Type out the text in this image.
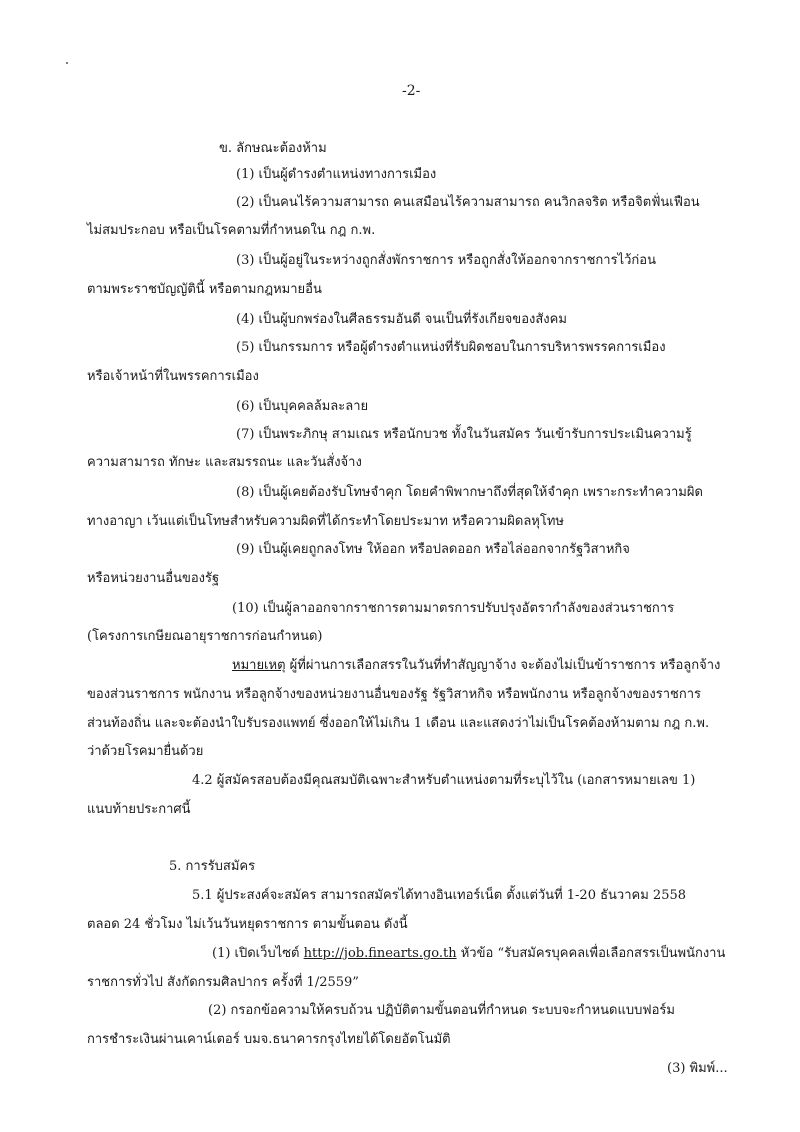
-2-
ข. ลักษณะต้องห้าม
(1) เป็นผู้ดำรงตำแหน่งทางการเมือง
(2) เป็นคนไร้ความสามารถ คนเสมือนไร้ความสามารถ คนวิกลจริต หรือจิตฟั่นเฟือน
ไม่สมประกอบ หรือเป็นโรคตามที่กำหนดใน กฎ ก.พ.
(3) เป็นผู้อยู่ในระหว่างถูกสั่งพักราชการ หรือถูกสั่งให้ออกจากราชการไว้ก่อน
ตามพระราชบัญญัตินี้ หรือตามกฎหมายอื่น
(4) เป็นผู้บกพร่องในศีลธรรมอันดี จนเป็นที่รังเกียจของสังคม
(5) เป็นกรรมการ หรือผู้ดำรงตำแหน่งที่รับผิดชอบในการบริหารพรรคการเมือง
หรือเจ้าหน้าที่ในพรรคการเมือง
(6) เป็นบุคคลล้มละลาย
(7) เป็นพระภิกษุ สามเณร หรือนักบวช ทั้งในวันสมัคร วันเข้ารับการประเมินความรู้
ความสามารถ ทักษะ และสมรรถนะ และวันสั่งจ้าง
(8) เป็นผู้เคยต้องรับโทษจำคุก โดยคำพิพากษาถึงที่สุดให้จำคุก เพราะกระทำความผิด
ทางอาญา เว้นแต่เป็นโทษสำหรับความผิดที่ได้กระทำโดยประมาท หรือความผิดลหุโทษ
(9) เป็นผู้เคยถูกลงโทษ ให้ออก หรือปลดออก หรือไล่ออกจากรัฐวิสาหกิจ
หรือหน่วยงานอื่นของรัฐ
(10) เป็นผู้ลาออกจากราชการตามมาตรการปรับปรุงอัตรากำลังของส่วนราชการ
(โครงการเกษียณอายุราชการก่อนกำหนด)
หมายเหตุ ผู้ที่ผ่านการเลือกสรรในวันที่ทำสัญญาจ้าง จะต้องไม่เป็นข้าราชการ หรือลูกจ้าง
ของส่วนราชการ พนักงาน หรือลูกจ้างของหน่วยงานอื่นของรัฐ รัฐวิสาหกิจ หรือพนักงาน หรือลูกจ้างของราชการ
ส่วนท้องถิ่น และจะต้องนำใบรับรองแพทย์ ซึ่งออกให้ไม่เกิน 1 เดือน และแสดงว่าไม่เป็นโรคต้องห้ามตาม กฎ ก.พ.
ว่าด้วยโรคมายื่นด้วย
4.2 ผู้สมัครสอบต้องมีคุณสมบัติเฉพาะสำหรับตำแหน่งตามที่ระบุไว้ใน (เอกสารหมายเลข 1)
แนบท้ายประกาศนี้
5. การรับสมัคร
5.1 ผู้ประสงค์จะสมัคร สามารถสมัครได้ทางอินเทอร์เน็ต ตั้งแต่วันที่ 1-20 ธันวาคม 2558
ตลอด 24 ชั่วโมง ไม่เว้นวันหยุดราชการ ตามขั้นตอน ดังนี้
(1) เปิดเว็บไซต์ http://job.finearts.go.th หัวข้อ “รับสมัครบุคคลเพื่อเลือกสรรเป็นพนักงาน
ราชการทั่วไป สังกัดกรมศิลปากร ครั้งที่ 1/2559”
(2) กรอกข้อความให้ครบถ้วน ปฏิบัติตามขั้นตอนที่กำหนด ระบบจะกำหนดแบบฟอร์ม
การชำระเงินผ่านเคาน์เตอร์ บมจ.ธนาคารกรุงไทยได้โดยอัตโนมัติ
(3) พิมพ์...
